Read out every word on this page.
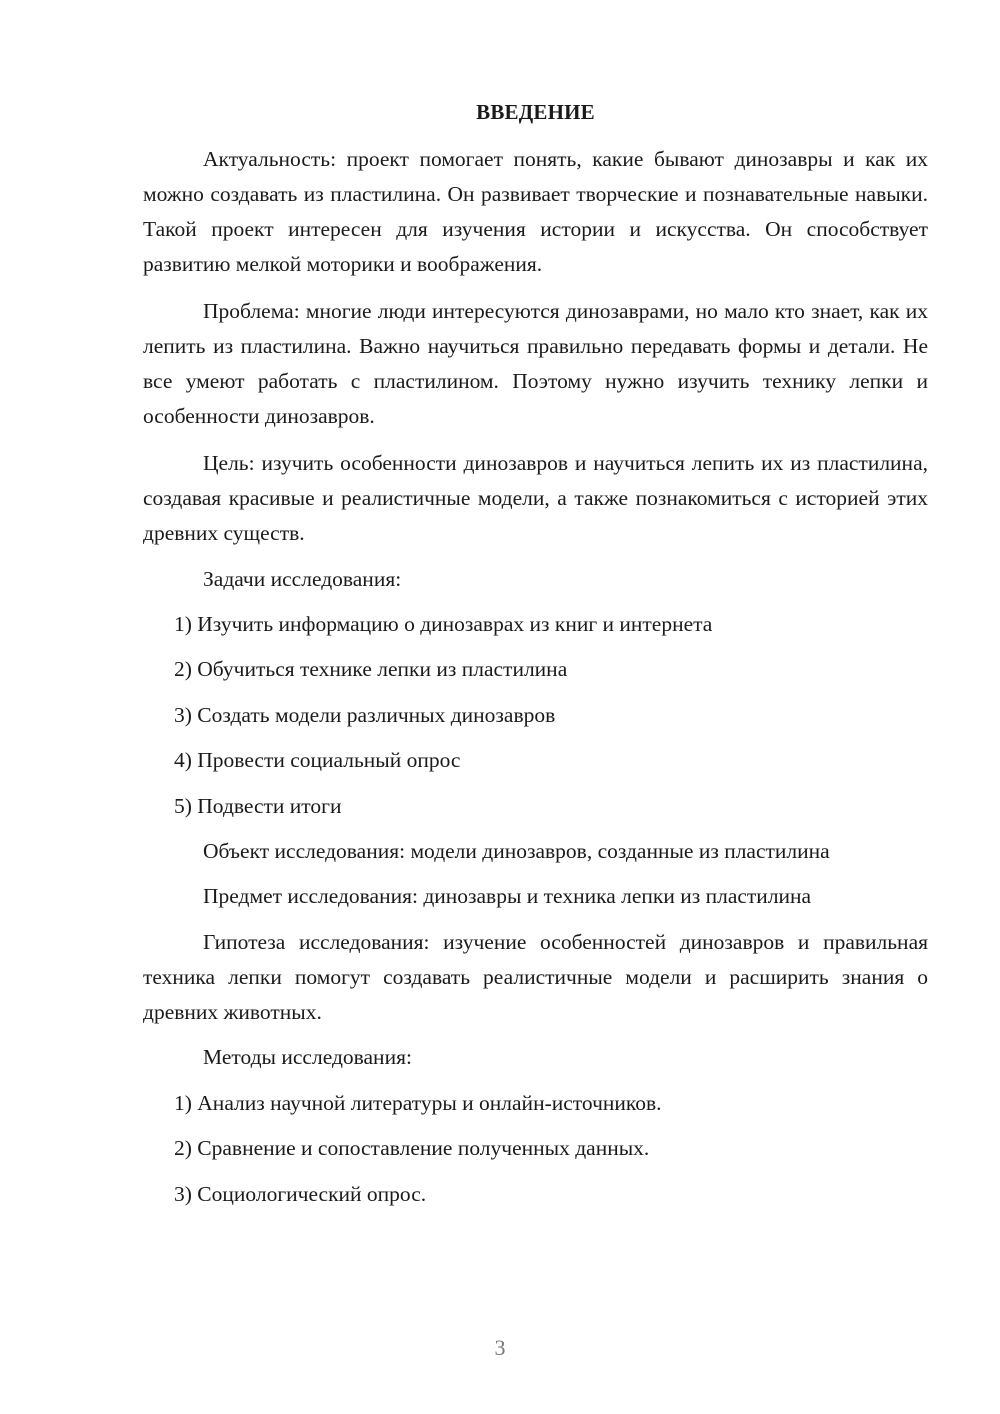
ВВЕДЕНИЕ

Актуальность: проект помогает понять, какие бывают динозавры и как их можно создавать из пластилина. Он развивает творческие и познавательные навыки. Такой проект интересен для изучения истории и искусства. Он способствует развитию мелкой моторики и воображения.

Проблема: многие люди интересуются динозаврами, но мало кто знает, как их лепить из пластилина. Важно научиться правильно передавать формы и детали. Не все умеют работать с пластилином. Поэтому нужно изучить технику лепки и особенности динозавров.

Цель: изучить особенности динозавров и научиться лепить их из пластилина, создавая красивые и реалистичные модели, а также познакомиться с историей этих древних существ.

Задачи исследования:

1) Изучить информацию о динозаврах из книг и интернета

2) Обучиться технике лепки из пластилина

3) Создать модели различных динозавров

4) Провести социальный опрос

5) Подвести итоги

Объект исследования: модели динозавров, созданные из пластилина

Предмет исследования: динозавры и техника лепки из пластилина

Гипотеза исследования: изучение особенностей динозавров и правильная техника лепки помогут создавать реалистичные модели и расширить знания о древних животных.

Методы исследования:

1) Анализ научной литературы и онлайн-источников.

2) Сравнение и сопоставление полученных данных.

3) Социологический опрос.

3
